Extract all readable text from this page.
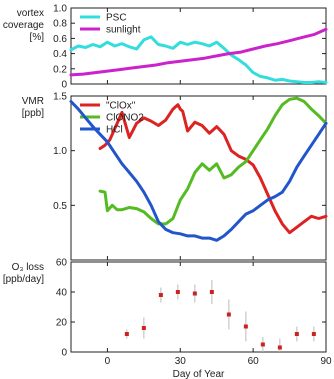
0
0.2
0.4
0.6
0.8
1.0
vortex
coverage
[%]
PSC
sunlight
0.5
1.0
1.5
VMR
[ppb]
"ClOx"
ClONO2
HCl
0
20
40
60
O₃ loss
[ppb/day]
0	30	60	90
Day of Year
